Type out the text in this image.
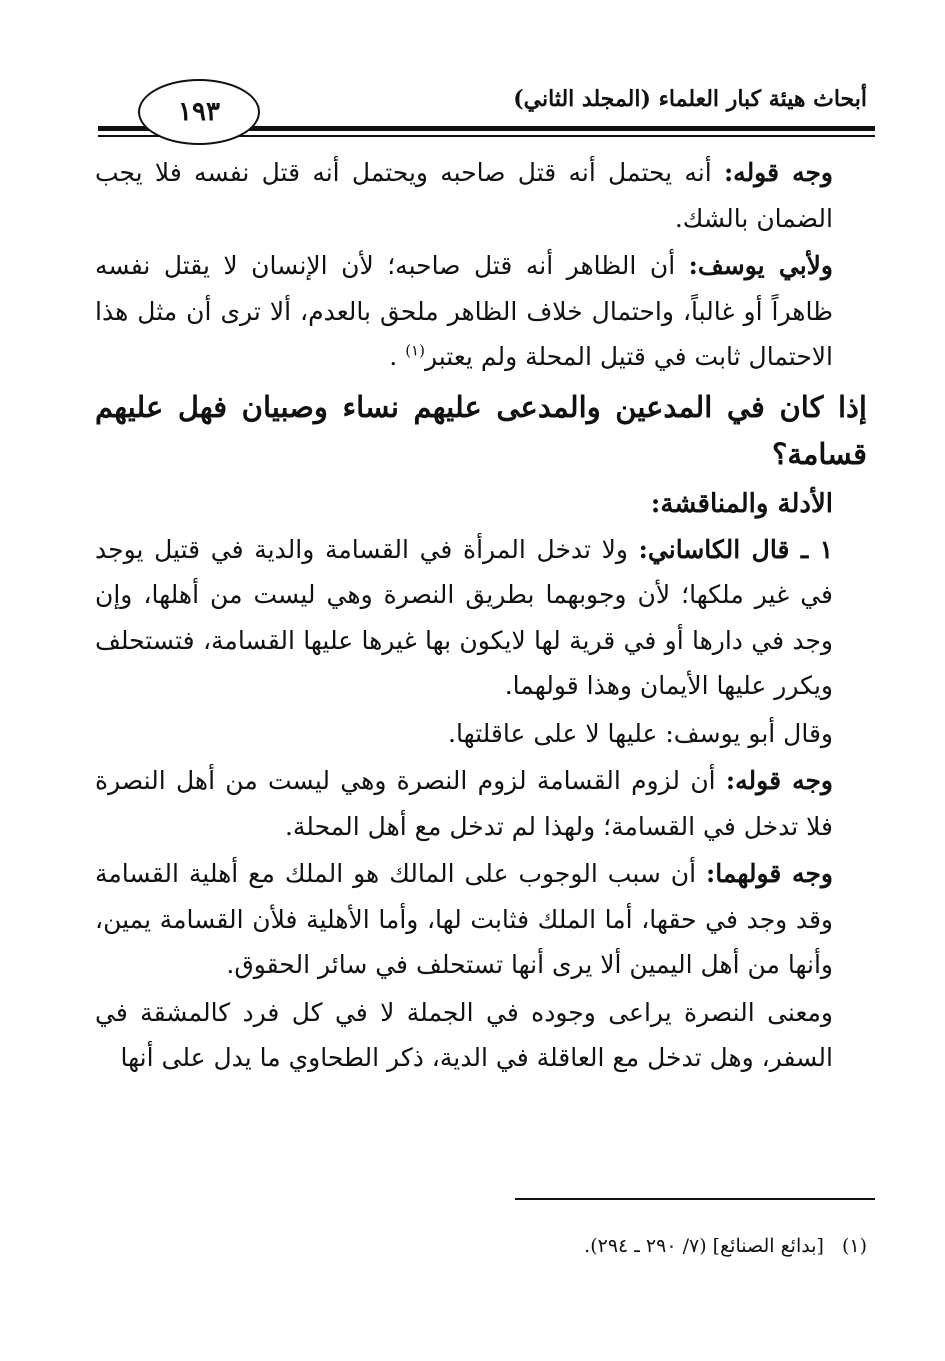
أبحاث هيئة كبار العلماء (المجلد الثاني)
١٩٣

وجه قوله: أنه يحتمل أنه قتل صاحبه ويحتمل أنه قتل نفسه فلا يجب الضمان بالشك.

ولأبي يوسف: أن الظاهر أنه قتل صاحبه؛ لأن الإنسان لا يقتل نفسه ظاهراً أو غالباً، واحتمال خلاف الظاهر ملحق بالعدم، ألا ترى أن مثل هذا الاحتمال ثابت في قتيل المحلة ولم يعتبر$^{(١)}$ .

إذا كان في المدعين والمدعى عليهم نساء وصبيان فهل عليهم قسامة؟
الأدلة والمناقشة:

١ ـ قال الكاساني: ولا تدخل المرأة في القسامة والدية في قتيل يوجد في غير ملكها؛ لأن وجوبهما بطريق النصرة وهي ليست من أهلها، وإن وجد في دارها أو في قرية لها لايكون بها غيرها عليها القسامة، فتستحلف ويكرر عليها الأيمان وهذا قولهما.

وقال أبو يوسف: عليها لا على عاقلتها.

وجه قوله: أن لزوم القسامة لزوم النصرة وهي ليست من أهل النصرة فلا تدخل في القسامة؛ ولهذا لم تدخل مع أهل المحلة.

وجه قولهما: أن سبب الوجوب على المالك هو الملك مع أهلية القسامة وقد وجد في حقها، أما الملك فثابت لها، وأما الأهلية فلأن القسامة يمين، وأنها من أهل اليمين ألا يرى أنها تستحلف في سائر الحقوق.

ومعنى النصرة يراعى وجوده في الجملة لا في كل فرد كالمشقة في السفر، وهل تدخل مع العاقلة في الدية، ذكر الطحاوي ما يدل على أنها

(١)[بدائع الصنائع] (٧/ ٢٩٠ ـ ٢٩٤).
